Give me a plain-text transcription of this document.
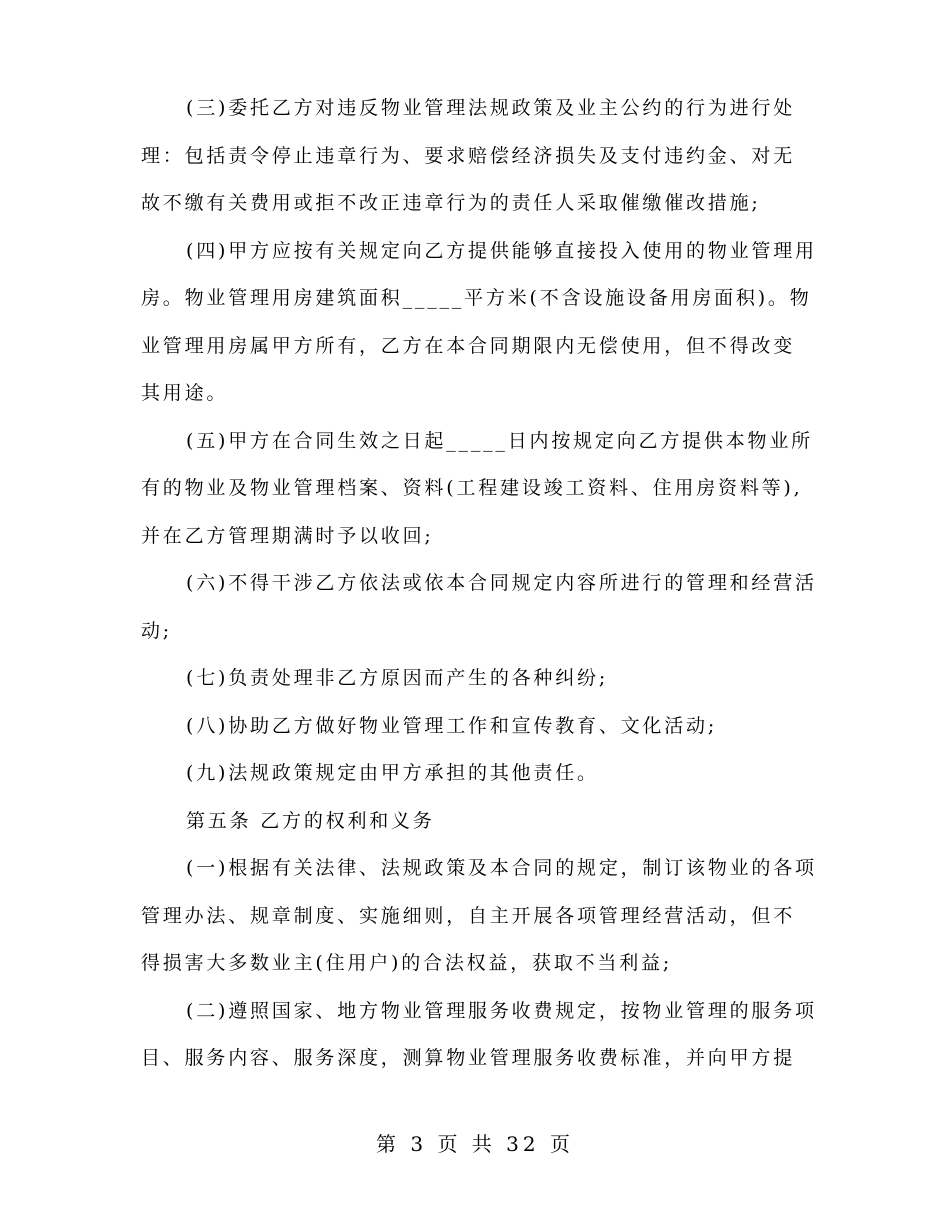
(三)委托乙方对违反物业管理法规政策及业主公约的行为进行处
理：包括责令停止违章行为、要求赔偿经济损失及支付违约金、对无
故不缴有关费用或拒不改正违章行为的责任人采取催缴催改措施;
(四)甲方应按有关规定向乙方提供能够直接投入使用的物业管理用
房。物业管理用房建筑面积_____平方米(不含设施设备用房面积)。物
业管理用房属甲方所有，乙方在本合同期限内无偿使用，但不得改变
其用途。
(五)甲方在合同生效之日起_____日内按规定向乙方提供本物业所
有的物业及物业管理档案、资料(工程建设竣工资料、住用房资料等),
并在乙方管理期满时予以收回;
(六)不得干涉乙方依法或依本合同规定内容所进行的管理和经营活
动;
(七)负责处理非乙方原因而产生的各种纠纷;
(八)协助乙方做好物业管理工作和宣传教育、文化活动;
(九)法规政策规定由甲方承担的其他责任。
第五条 乙方的权利和义务
(一)根据有关法律、法规政策及本合同的规定，制订该物业的各项
管理办法、规章制度、实施细则，自主开展各项管理经营活动，但不
得损害大多数业主(住用户)的合法权益，获取不当利益;
(二)遵照国家、地方物业管理服务收费规定，按物业管理的服务项
目、服务内容、服务深度，测算物业管理服务收费标准，并向甲方提
第 3 页 共 32 页
